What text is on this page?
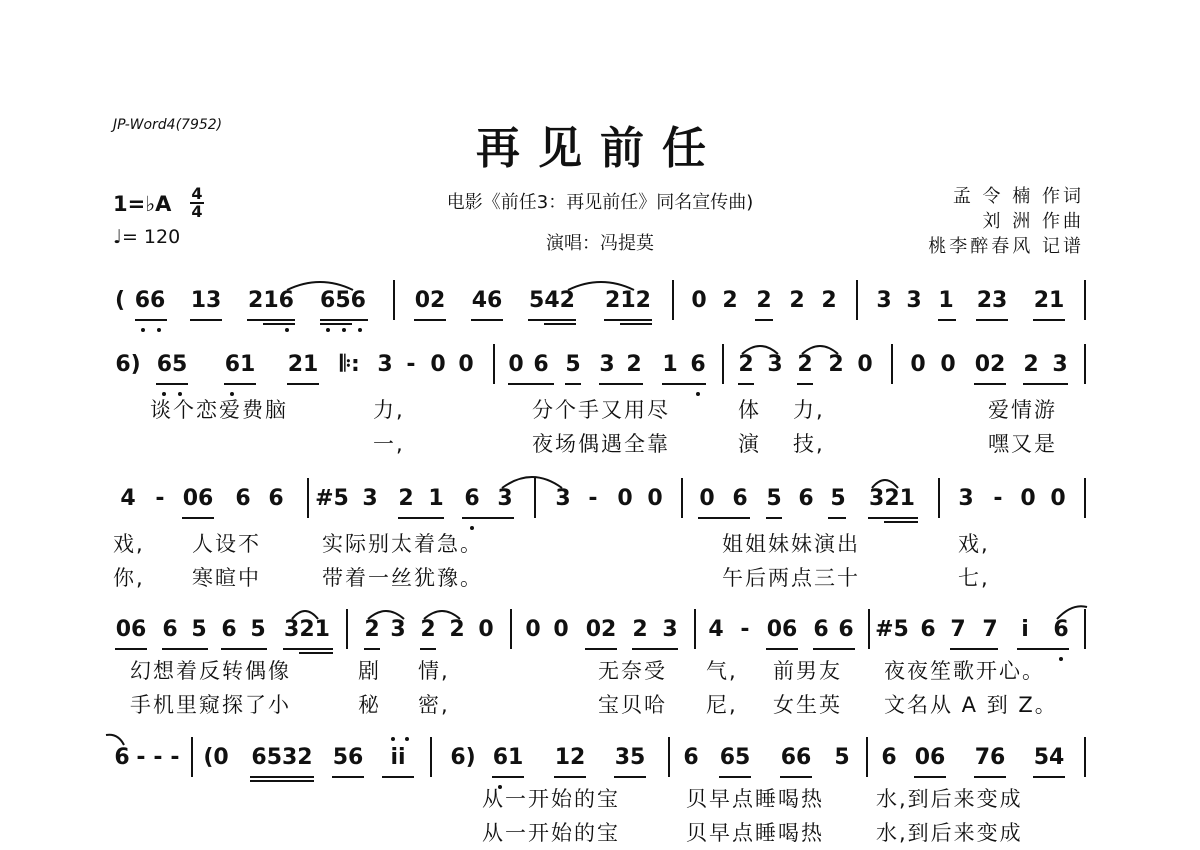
JP-Word4(7952)	再见前任
电影《前任3：再见前任》同名宣传曲)
演唱：冯提莫
1=♭A 4
4
♩= 120
孟 令 楠 作词
刘 洲 作曲
桃李醉春风 记谱
( 66 13 216 656 02 46 542 212 0 2 2 2 2 3 3 1 23 21
6) 65 61 21 𝄆: 3 - 0 0 0 6 5 3 2 1 6 2 3 2 2 0 0 0 02 2 3
谈个恋爱费脑	力,	分个手又用尽	体 力,	爱情游
一,	夜场偶遇全靠	演 技,	嘿又是
4 - 06 6 6 #5 3 2 1 6 3 3 - 0 0 0 6 5 6 5 321 3 - 0 0
戏, 人设不	实际别太着急。	姐姐妹妹演出	戏,
你, 寒暄中	带着一丝犹豫。	午后两点三十	七,
06 6 5 6 5 321 2 3 2 2 0 0 0 02 2 3 4 - 06 6 6 #5 6 7 7 i 6
幻想着反转偶像	剧 情,	无奈受 气, 前男友 夜夜笙歌开心。
手机里窥探了小	秘 密,	宝贝哈 尼, 女生英 文名从 A 到 Z。
6 - - - (0 6532 56 ii 6) 61 12 35 6 65 66 5 6 06 76 54
从一开始的宝	贝早点睡喝热 水,到后来变成
从一开始的宝	贝早点睡喝热 水,到后来变成
